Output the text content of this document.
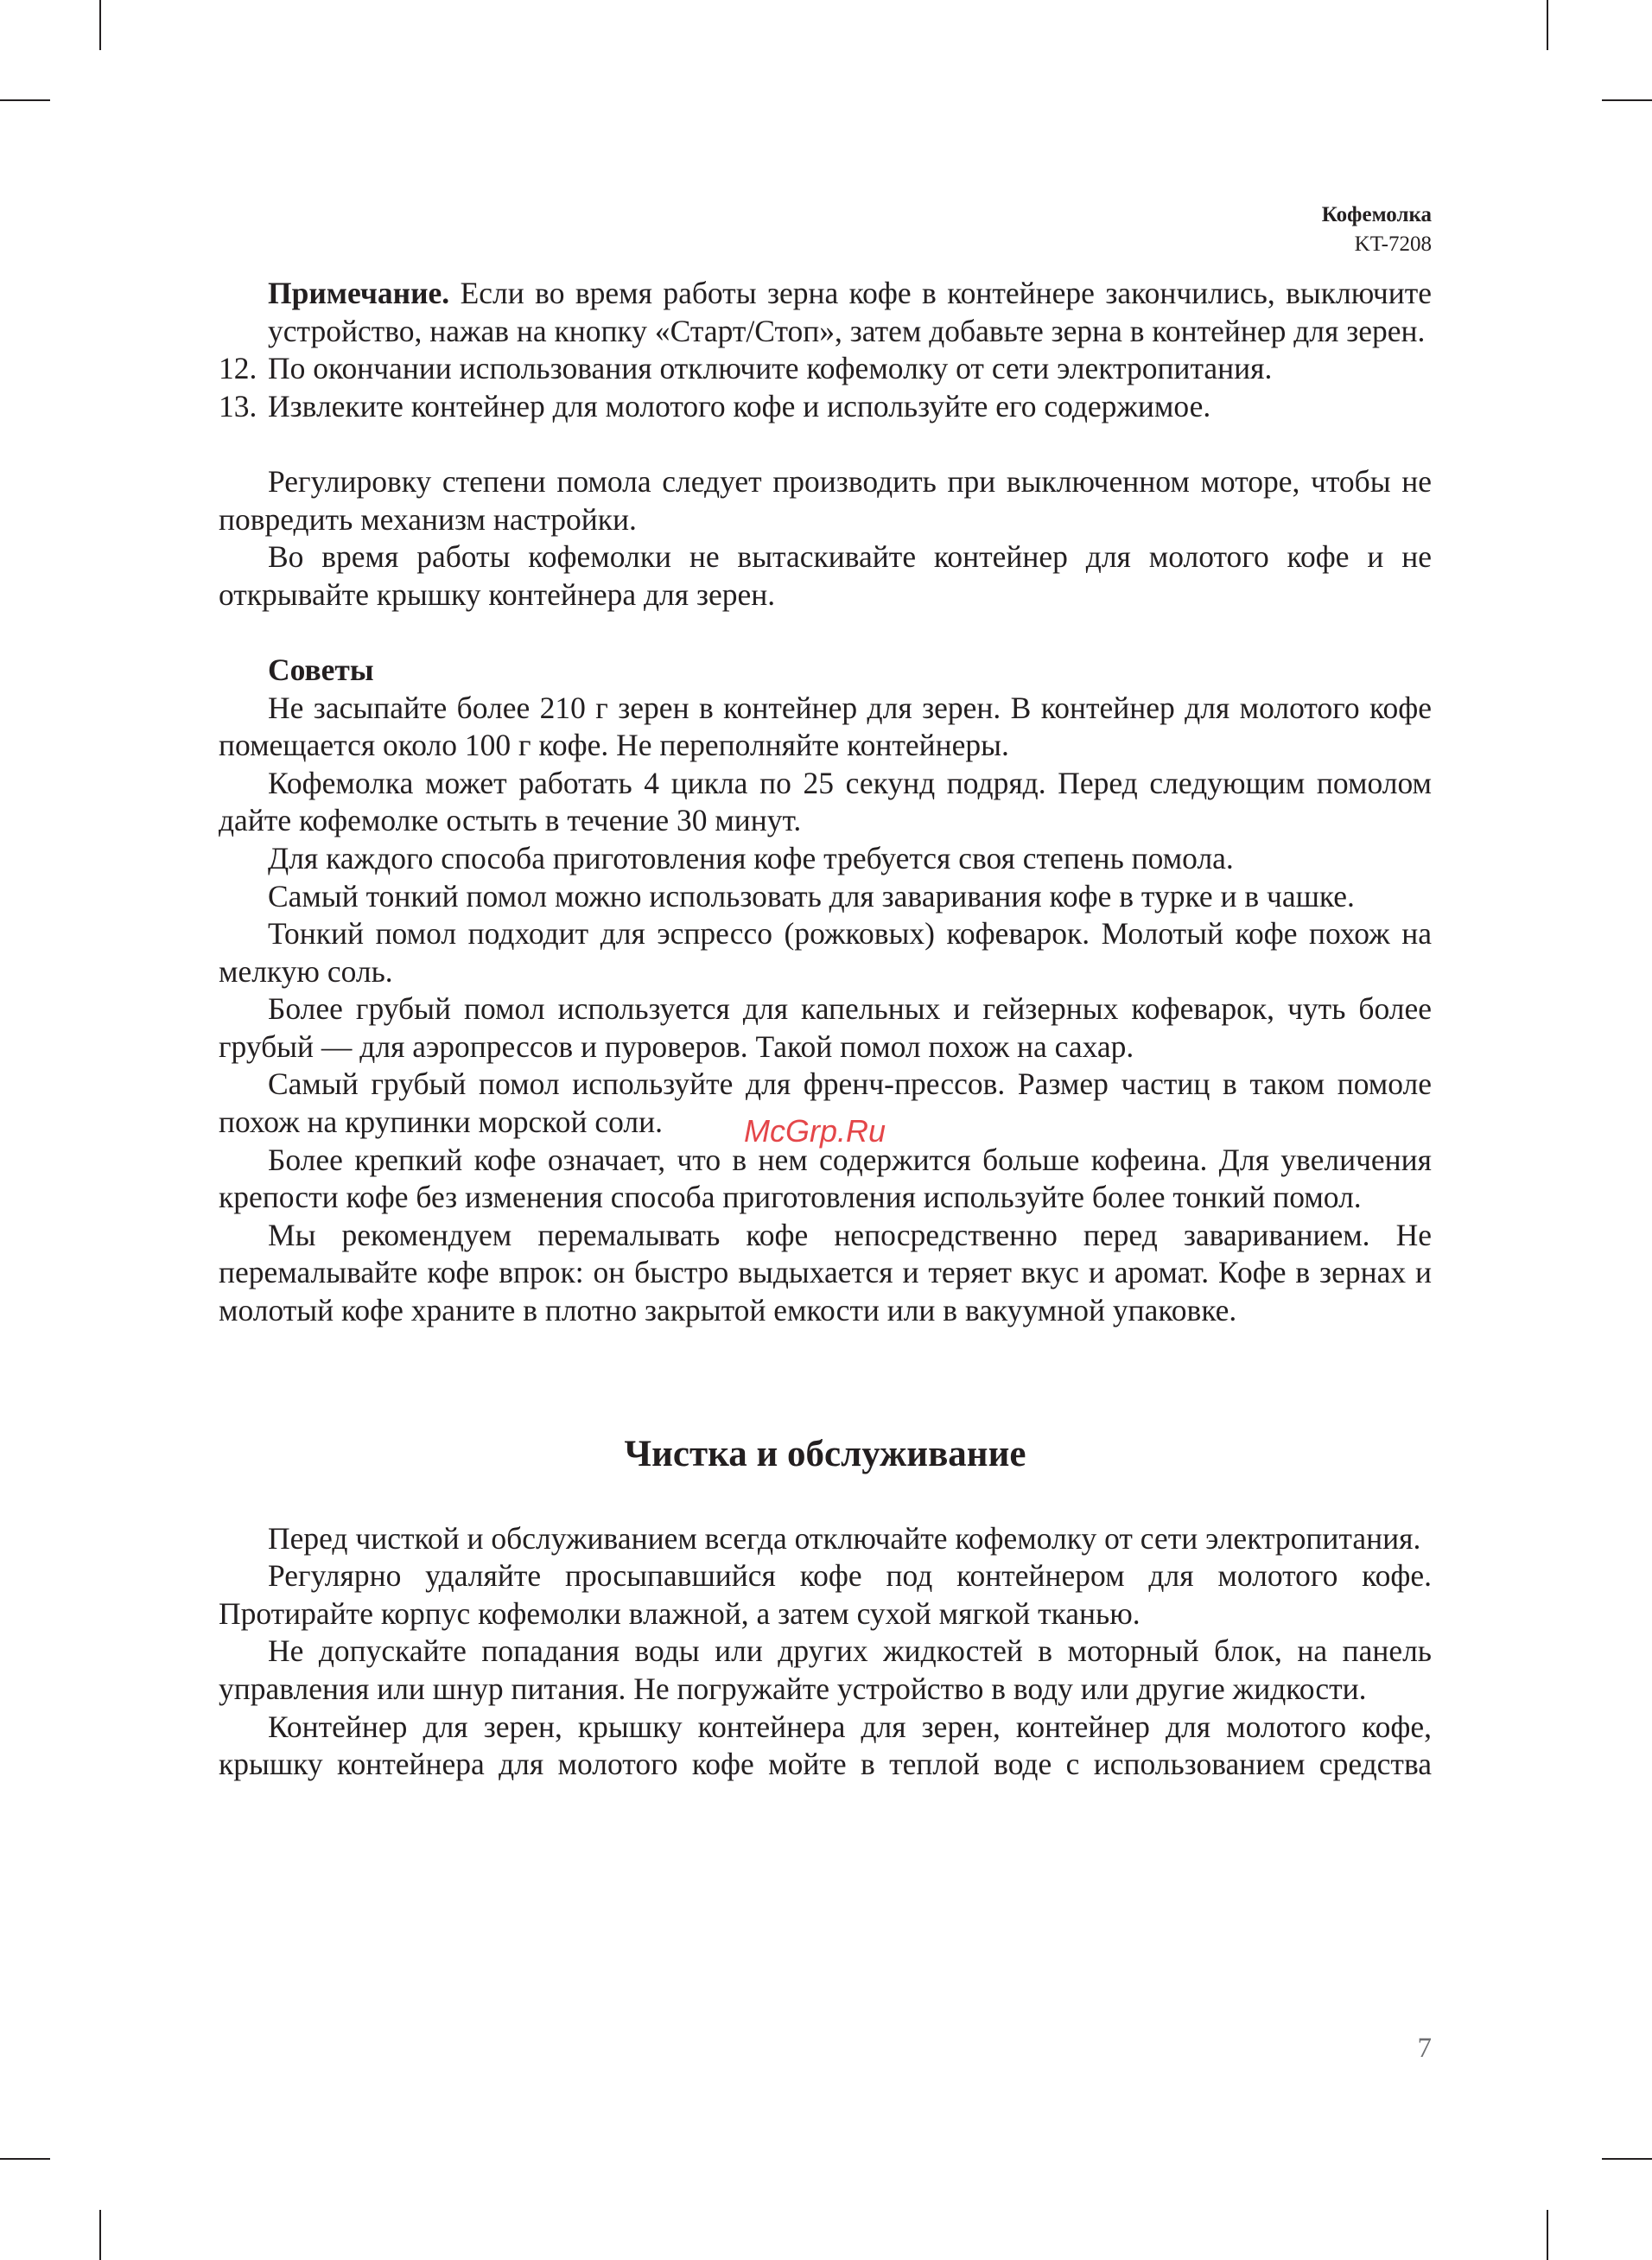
Кофемолка
KT-7208

Примечание. Если во время работы зерна кофе в контейнере закончились, выключите устройство, нажав на кнопку «Старт/Стоп», затем добавьте зерна в контейнер для зерен.

12. По окончании использования отключите кофемолку от сети электропитания.

13. Извлеките контейнер для молотого кофе и используйте его содержимое.

Регулировку степени помола следует производить при выключенном моторе, чтобы не повредить механизм настройки.

Во время работы кофемолки не вытаскивайте контейнер для молотого кофе и не открывайте крышку контейнера для зерен.

Советы

Не засыпайте более 210 г зерен в контейнер для зерен. В контейнер для молотого кофе помещается около 100 г кофе. Не переполняйте контейнеры.

Кофемолка может работать 4 цикла по 25 секунд подряд. Перед следующим помолом дайте кофемолке остыть в течение 30 минут.

Для каждого способа приготовления кофе требуется своя степень помола.

Самый тонкий помол можно использовать для заваривания кофе в турке и в чашке.

Тонкий помол подходит для эспрессо (рожковых) кофеварок. Молотый кофе похож на мелкую соль.

Более грубый помол используется для капельных и гейзерных кофеварок, чуть более грубый — для аэропрессов и пуроверов. Такой помол похож на сахар.

Самый грубый помол используйте для френч-прессов. Размер частиц в таком помоле похож на крупинки морской соли.

Более крепкий кофе означает, что в нем содержится больше кофеина. Для увеличения крепости кофе без изменения способа приготовления используйте более тонкий помол.

Мы рекомендуем перемалывать кофе непосредственно перед завариванием. Не перемалывайте кофе впрок: он быстро выдыхается и теряет вкус и аромат. Кофе в зернах и молотый кофе храните в плотно закрытой емкости или в вакуумной упаковке.

Чистка и обслуживание

Перед чисткой и обслуживанием всегда отключайте кофемолку от сети электропитания.

Регулярно удаляйте просыпавшийся кофе под контейнером для молотого кофе. Протирайте корпус кофемолки влажной, а затем сухой мягкой тканью.

Не допускайте попадания воды или других жидкостей в моторный блок, на панель управления или шнур питания. Не погружайте устройство в воду или другие жидкости.

Контейнер для зерен, крышку контейнера для зерен, контейнер для молотого кофе, крышку контейнера для молотого кофе мойте в теплой воде с использованием средства

McGrp.Ru
7
